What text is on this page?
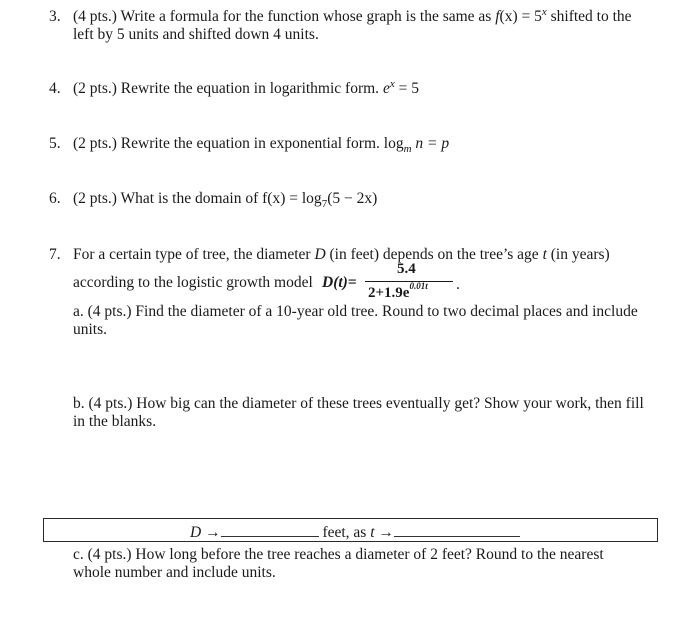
3. (4 pts.) Write a formula for the function whose graph is the same as $f(x) = 5^x$ shifted to the
left by 5 units and shifted down 4 units.
4. (2 pts.) Rewrite the equation in logarithmic form. $e^x = 5$
5. (2 pts.) Rewrite the equation in exponential form. $\log_m n = p$
6. (2 pts.) What is the domain of $f(x) = \log_7(5 - 2x)$
7. For a certain type of tree, the diameter D (in feet) depends on the tree’s age t (in years)
according to the logistic growth model D(t)=
5.4
$2+1.9e^{0.01t}$ .
a. (4 pts.) Find the diameter of a 10-year old tree. Round to two decimal places and include
units.
b. (4 pts.) How big can the diameter of these trees eventually get? Show your work, then fill
in the blanks.
D →	feet, as t →
c. (4 pts.) How long before the tree reaches a diameter of 2 feet? Round to the nearest
whole number and include units.
